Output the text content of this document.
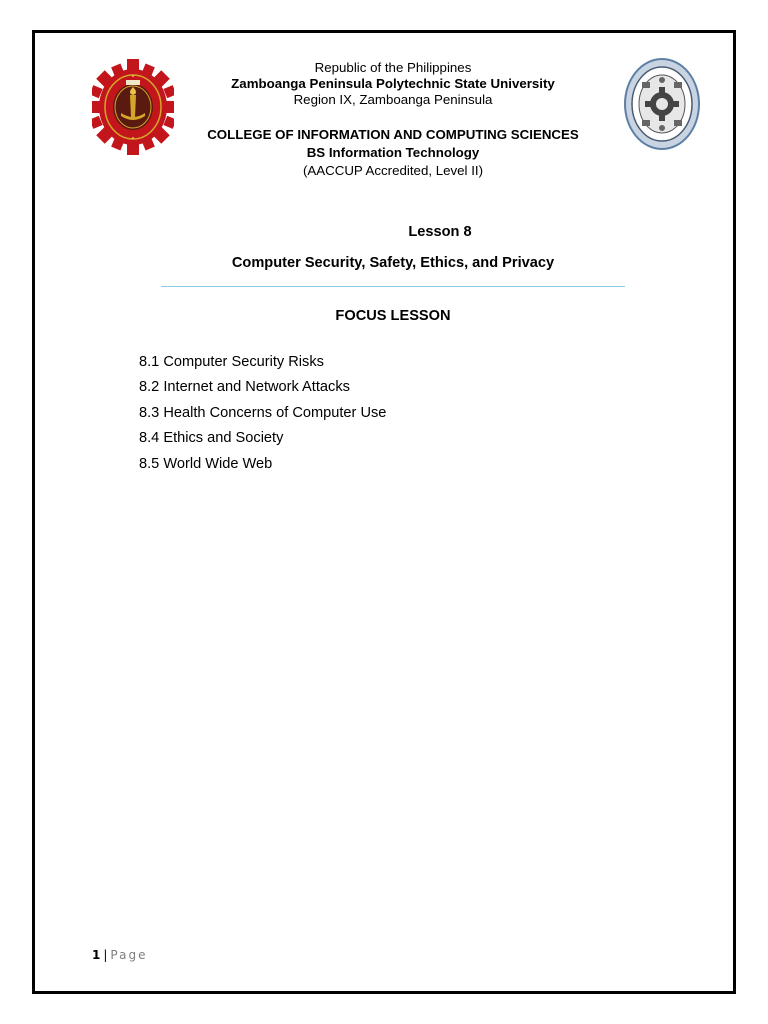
Republic of the Philippines
Zamboanga Peninsula Polytechnic State University
Region IX, Zamboanga Peninsula
COLLEGE OF INFORMATION AND COMPUTING SCIENCES
BS Information Technology
(AACCUP Accredited, Level II)
Lesson 8
Computer Security, Safety, Ethics, and Privacy
FOCUS LESSON
8.1 Computer Security Risks
8.2 Internet and Network Attacks
8.3 Health Concerns of Computer Use
8.4 Ethics and Society
8.5 World Wide Web
1 | Page
